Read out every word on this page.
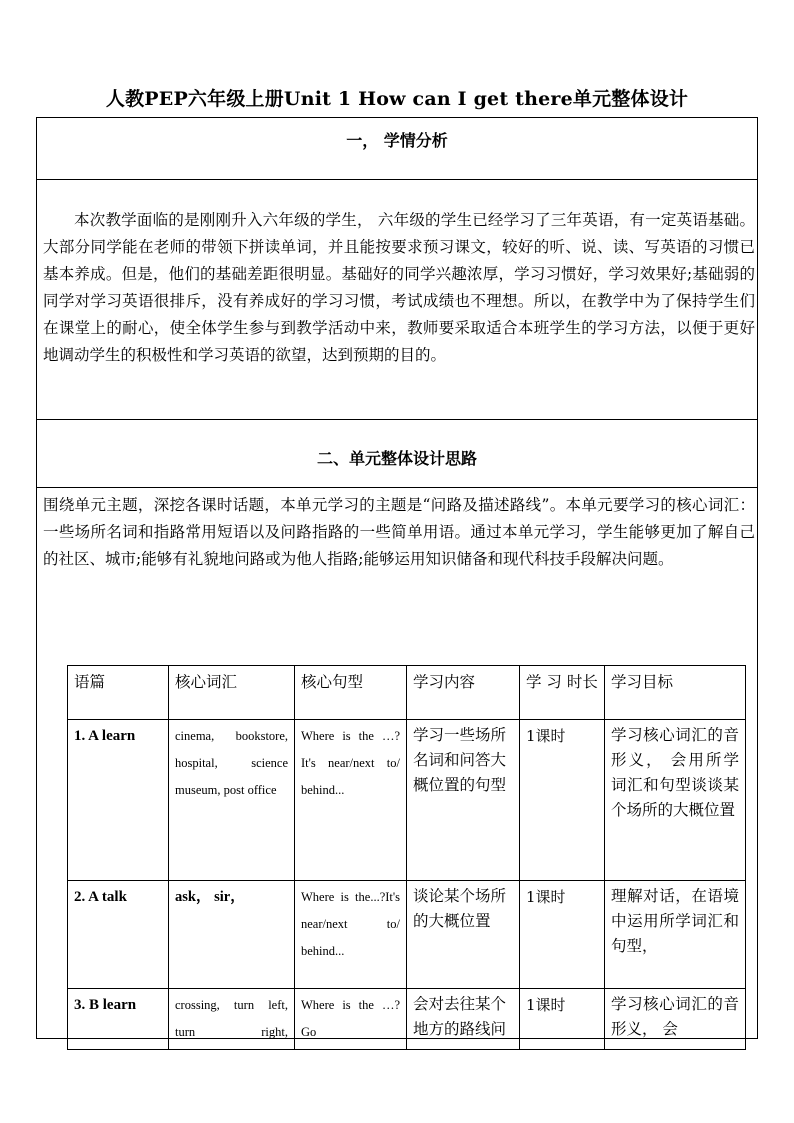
人教PEP六年级上册Unit 1 How can I get there单元整体设计
一， 学情分析
本次教学面临的是刚刚升入六年级的学生， 六年级的学生已经学习了三年英语，有一定英语基础。大部分同学能在老师的带领下拼读单词，并且能按要求预习课文，较好的听、说、读、写英语的习惯已基本养成。但是，他们的基础差距很明显。基础好的同学兴趣浓厚，学习习惯好，学习效果好;基础弱的同学对学习英语很排斥，没有养成好的学习习惯，考试成绩也不理想。所以，在教学中为了保持学生们在课堂上的耐心，使全体学生参与到教学活动中来，教师要采取适合本班学生的学习方法，以便于更好地调动学生的积极性和学习英语的欲望，达到预期的目的。
二、单元整体设计思路
围绕单元主题，深挖各课时话题，本单元学习的主题是“问路及描述路线”。本单元要学习的核心词汇：一些场所名词和指路常用短语以及问路指路的一些简单用语。通过本单元学习，学生能够更加了解自己的社区、城市;能够有礼貌地问路或为他人指路;能够运用知识储备和现代科技手段解决问题。
语篇	核心词汇	核心句型	学习内容	学 习 时长	学习目标
1. A learn	cinema, bookstore, hospital, science museum, post office	Where is the …?It's near/next to/ behind...	学习一些场所名词和问答大概位置的句型	1课时	学习核心词汇的音形义， 会用所学词汇和句型谈谈某个场所的大概位置
2. A talk	ask， sir，	Where is the...?It's near/next to/ behind...	谈论某个场所的大概位置	1课时	理解对话，在语境中运用所学词汇和句型，
3. B learn	crossing, turn left, turn right,	Where is the …?Go	会对去往某个地方的路线问	1课时	学习核心词汇的音形义， 会
